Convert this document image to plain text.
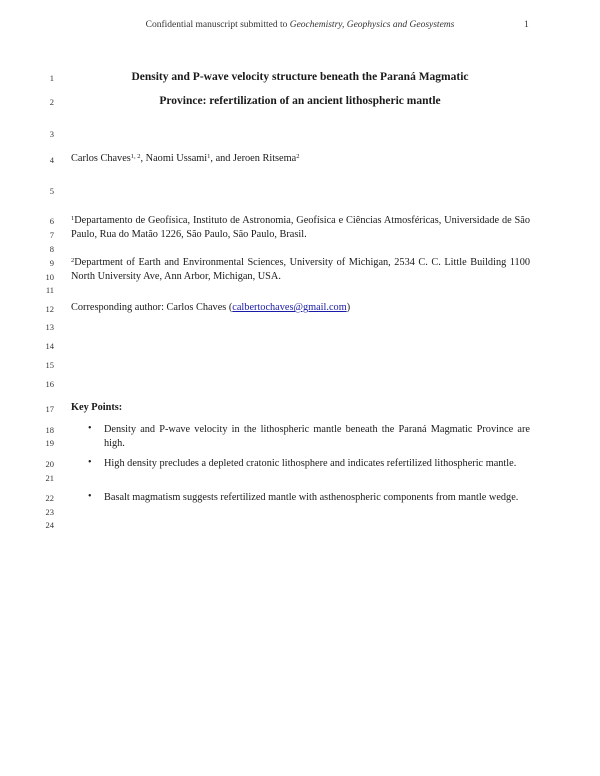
Confidential manuscript submitted to Geochemistry, Geophysics and Geosystems	1
1
2
3
4
5
6
7
8
9
10
11
12
13
14
15
16
17
18
19
20
21
22
23
24
Density and P-wave velocity structure beneath the Paraná Magmatic
Province: refertilization of an ancient lithospheric mantle
Carlos Chaves$^{1, 2}$, Naomi Ussami$^1$, and Jeroen Ritsema$^2$
$^1$Departamento de Geofísica, Instituto de Astronomia, Geofísica e Ciências Atmosféricas, Universidade de São Paulo, Rua do Matão 1226, São Paulo, São Paulo, Brasil.
$^2$Department of Earth and Environmental Sciences, University of Michigan, 2534 C. C. Little Building 1100 North University Ave, Ann Arbor, Michigan, USA.
Corresponding author: Carlos Chaves (calbertochaves@gmail.com)
Key Points:
• Density and P-wave velocity in the lithospheric mantle beneath the Paraná Magmatic Province are high.
• High density precludes a depleted cratonic lithosphere and indicates refertilized lithospheric mantle.
• Basalt magmatism suggests refertilized mantle with asthenospheric components from mantle wedge.
